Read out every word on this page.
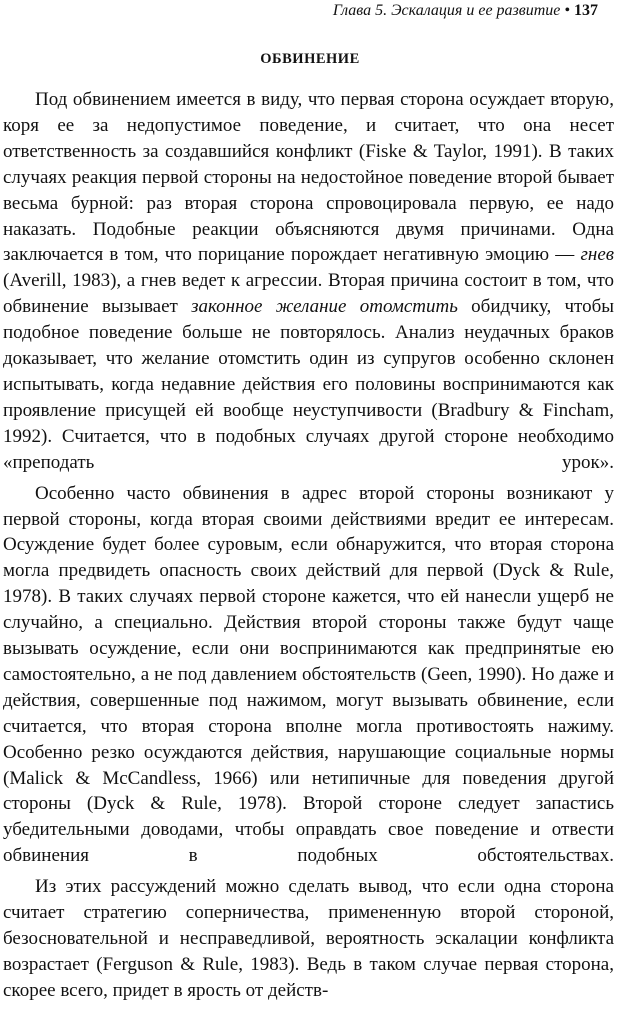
Глава 5. Эскалация и ее развитие • 137
ОБВИНЕНИЕ

Под обвинением имеется в виду, что первая сторона осуждает вторую, коря ее за недопустимое поведение, и считает, что она несет ответственность за создавшийся конфликт (Fiske & Taylor, 1991). В таких случаях реакция первой стороны на недостойное поведение второй бывает весьма бурной: раз вторая сторона спровоцировала первую, ее надо наказать. Подобные реакции объясняются двумя причинами. Одна заключается в том, что порицание порождает негативную эмоцию — гнев (Averill, 1983), а гнев ведет к агрессии. Вторая причина состоит в том, что обвинение вызывает законное желание отомстить обидчику, чтобы подобное поведение больше не повторялось. Анализ неудачных браков доказывает, что желание отомстить один из супругов особенно склонен испытывать, когда недавние действия его половины воспринимаются как проявление присущей ей вообще неуступчивости (Bradbury & Fincham, 1992). Считается, что в подобных случаях другой стороне необходимо «преподать урок».

Особенно часто обвинения в адрес второй стороны возникают у первой стороны, когда вторая своими действиями вредит ее интересам. Осуждение будет более суровым, если обнаружится, что вторая сторона могла предвидеть опасность своих действий для первой (Dyck & Rule, 1978). В таких случаях первой стороне кажется, что ей нанесли ущерб не случайно, а специально. Действия второй стороны также будут чаще вызывать осуждение, если они воспринимаются как предпринятые ею самостоятельно, а не под давлением обстоятельств (Geen, 1990). Но даже и действия, совершенные под нажимом, могут вызывать обвинение, если считается, что вторая сторона вполне могла противостоять нажиму. Особенно резко осуждаются действия, нарушающие социальные нормы (Malick & McCandless, 1966) или нетипичные для поведения другой стороны (Dyck & Rule, 1978). Второй стороне следует запастись убедительными доводами, чтобы оправдать свое поведение и отвести обвинения в подобных обстоятельствах.

Из этих рассуждений можно сделать вывод, что если одна сторона считает стратегию соперничества, примененную второй стороной, безосновательной и несправедливой, вероятность эскалации конфликта возрастает (Ferguson & Rule, 1983). Ведь в таком случае первая сторона, скорее всего, придет в ярость от действ-
